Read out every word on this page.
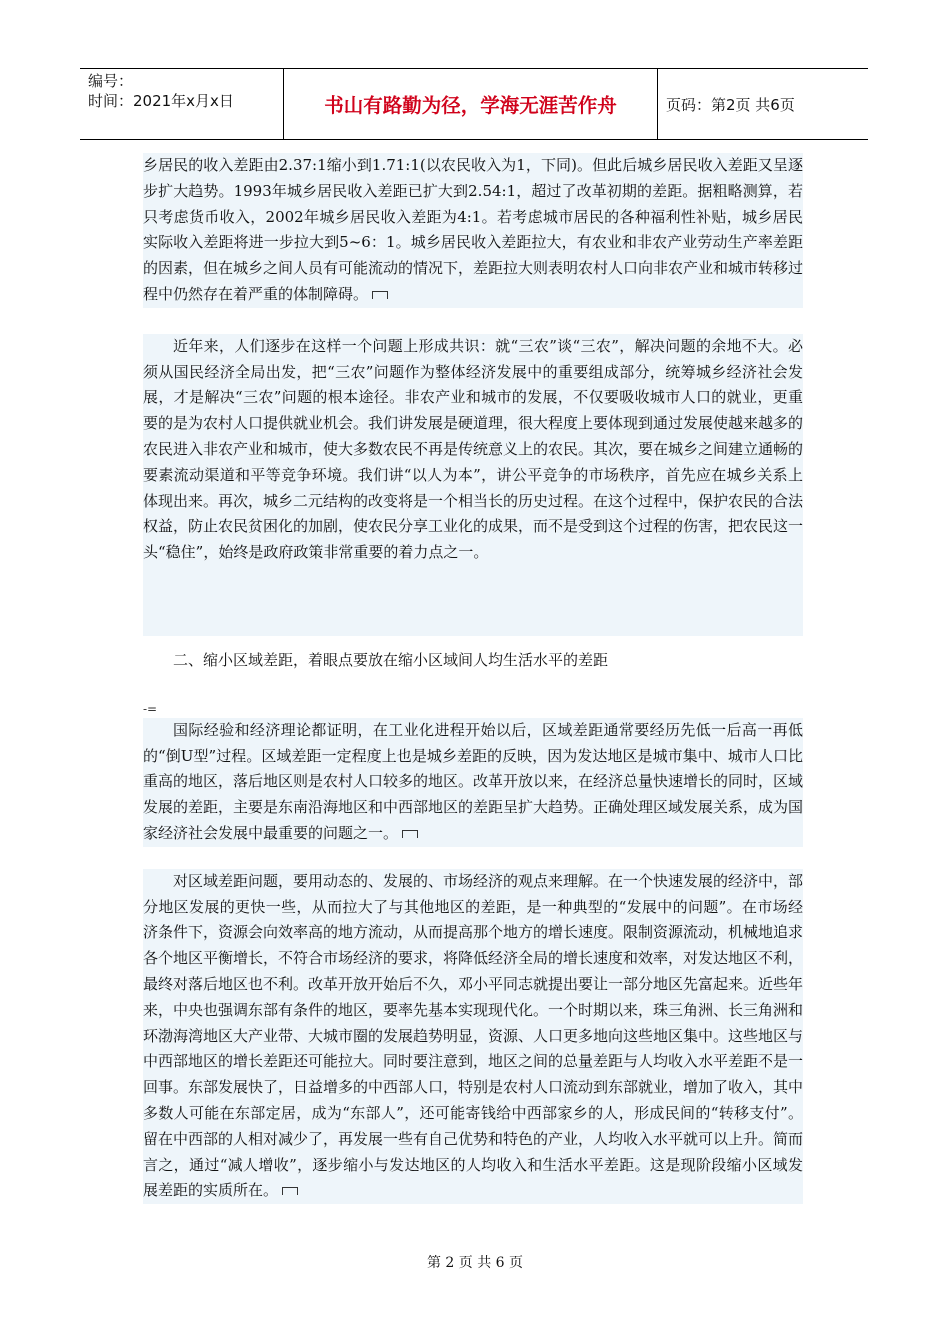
编号：
时间：2021年x月x日	书山有路勤为径，学海无涯苦作舟	页码：第2页 共6页

乡居民的收入差距由2.37:1缩小到1.71:1(以农民收入为1，下同)。但此后城乡居民收入差距又呈逐步扩大趋势。1993年城乡居民收入差距已扩大到2.54:1，超过了改革初期的差距。据粗略测算，若只考虑货币收入，2002年城乡居民收入差距为4:1。若考虑城市居民的各种福利性补贴，城乡居民实际收入差距将进一步拉大到5~6：1。城乡居民收入差距拉大，有农业和非农产业劳动生产率差距的因素，但在城乡之间人员有可能流动的情况下，差距拉大则表明农村人口向非农产业和城市转移过程中仍然存在着严重的体制障碍。

近年来，人们逐步在这样一个问题上形成共识：就“三农”谈“三农”，解决问题的余地不大。必须从国民经济全局出发，把“三农”问题作为整体经济发展中的重要组成部分，统筹城乡经济社会发展，才是解决“三农”问题的根本途径。非农产业和城市的发展，不仅要吸收城市人口的就业，更重要的是为农村人口提供就业机会。我们讲发展是硬道理，很大程度上要体现到通过发展使越来越多的农民进入非农产业和城市，使大多数农民不再是传统意义上的农民。其次，要在城乡之间建立通畅的要素流动渠道和平等竞争环境。我们讲“以人为本”，讲公平竞争的市场秩序，首先应在城乡关系上体现出来。再次，城乡二元结构的改变将是一个相当长的历史过程。在这个过程中，保护农民的合法权益，防止农民贫困化的加剧，使农民分享工业化的成果，而不是受到这个过程的伤害，把农民这一头“稳住”，始终是政府政策非常重要的着力点之一。

二、缩小区域差距，着眼点要放在缩小区域间人均生活水平的差距

-=

国际经验和经济理论都证明，在工业化进程开始以后，区域差距通常要经历先低一后高一再低的“倒U型”过程。区域差距一定程度上也是城乡差距的反映，因为发达地区是城市集中、城市人口比重高的地区，落后地区则是农村人口较多的地区。改革开放以来，在经济总量快速增长的同时，区域发展的差距，主要是东南沿海地区和中西部地区的差距呈扩大趋势。正确处理区域发展关系，成为国家经济社会发展中最重要的问题之一。

对区域差距问题，要用动态的、发展的、市场经济的观点来理解。在一个快速发展的经济中，部分地区发展的更快一些，从而拉大了与其他地区的差距，是一种典型的“发展中的问题”。在市场经济条件下，资源会向效率高的地方流动，从而提高那个地方的增长速度。限制资源流动，机械地追求各个地区平衡增长，不符合市场经济的要求，将降低经济全局的增长速度和效率，对发达地区不利，最终对落后地区也不利。改革开放开始后不久，邓小平同志就提出要让一部分地区先富起来。近些年来，中央也强调东部有条件的地区，要率先基本实现现代化。一个时期以来，珠三角洲、长三角洲和环渤海湾地区大产业带、大城市圈的发展趋势明显，资源、人口更多地向这些地区集中。这些地区与中西部地区的增长差距还可能拉大。同时要注意到，地区之间的总量差距与人均收入水平差距不是一回事。东部发展快了，日益增多的中西部人口，特别是农村人口流动到东部就业，增加了收入，其中多数人可能在东部定居，成为“东部人”，还可能寄钱给中西部家乡的人，形成民间的“转移支付”。留在中西部的人相对减少了，再发展一些有自己优势和特色的产业，人均收入水平就可以上升。简而言之，通过“减人增收”，逐步缩小与发达地区的人均收入和生活水平差距。这是现阶段缩小区域发展差距的实质所在。

第 2 页 共 6 页
